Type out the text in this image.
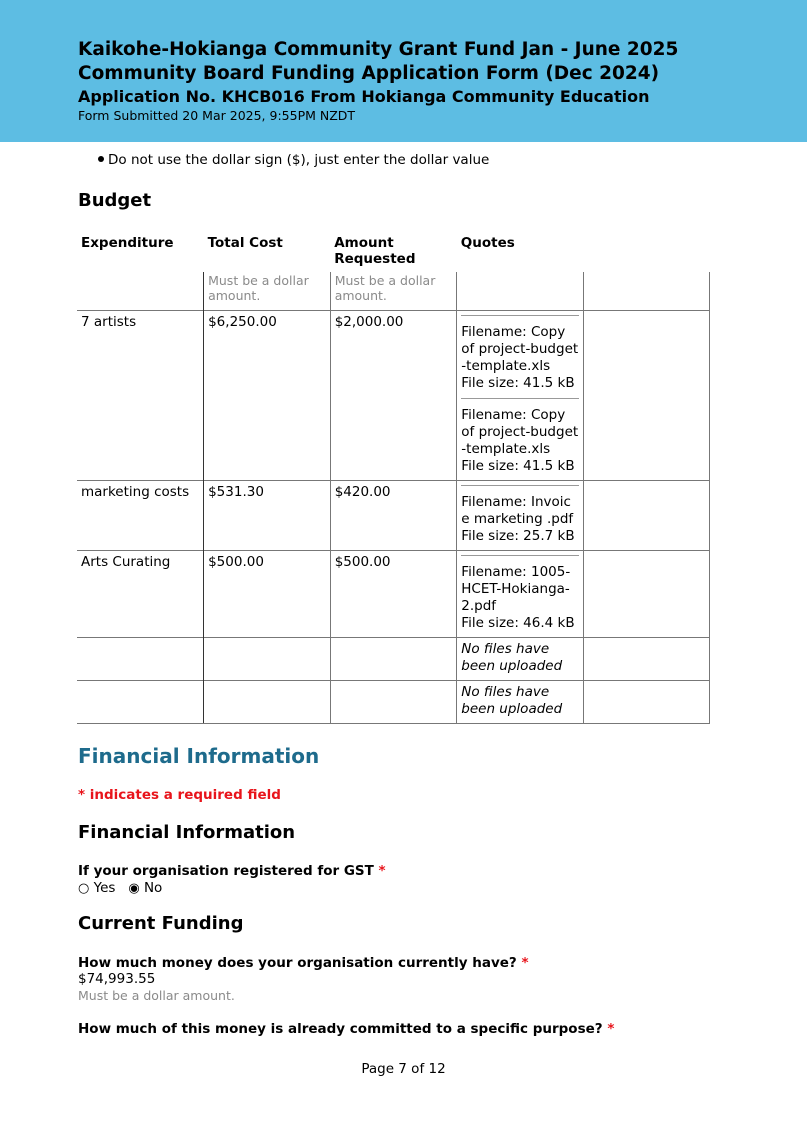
Kaikohe-Hokianga Community Grant Fund Jan - June 2025
Community Board Funding Application Form (Dec 2024)
Application No. KHCB016 From Hokianga Community Education
Form Submitted 20 Mar 2025, 9:55PM NZDT
Do not use the dollar sign ($), just enter the dollar value
Budget
Expenditure	Total Cost	Amount Requested	Quotes	
	Must be a dollar amount.	Must be a dollar amount.		
7 artists	$6,250.00	$2,000.00	Filename: Copy of project-budget -template.xls
File size: 41.5 kB
Filename: Copy of project-budget -template.xls
File size: 41.5 kB	

marketing costs	$531.30	$420.00	Filename: Invoic e marketing .pdf
File size: 25.7 kB	

Arts Curating	$500.00	$500.00	Filename: 1005- HCET-Hokianga- 2.pdf
File size: 46.4 kB	

			No files have been uploaded	
			No files have been uploaded	
Financial Information
* indicates a required field
Financial Information
If your organisation registered for GST *
○ Yes ◉ No
Current Funding
How much money does your organisation currently have? *
$74,993.55
Must be a dollar amount.
How much of this money is already committed to a specific purpose? *
Page 7 of 12
